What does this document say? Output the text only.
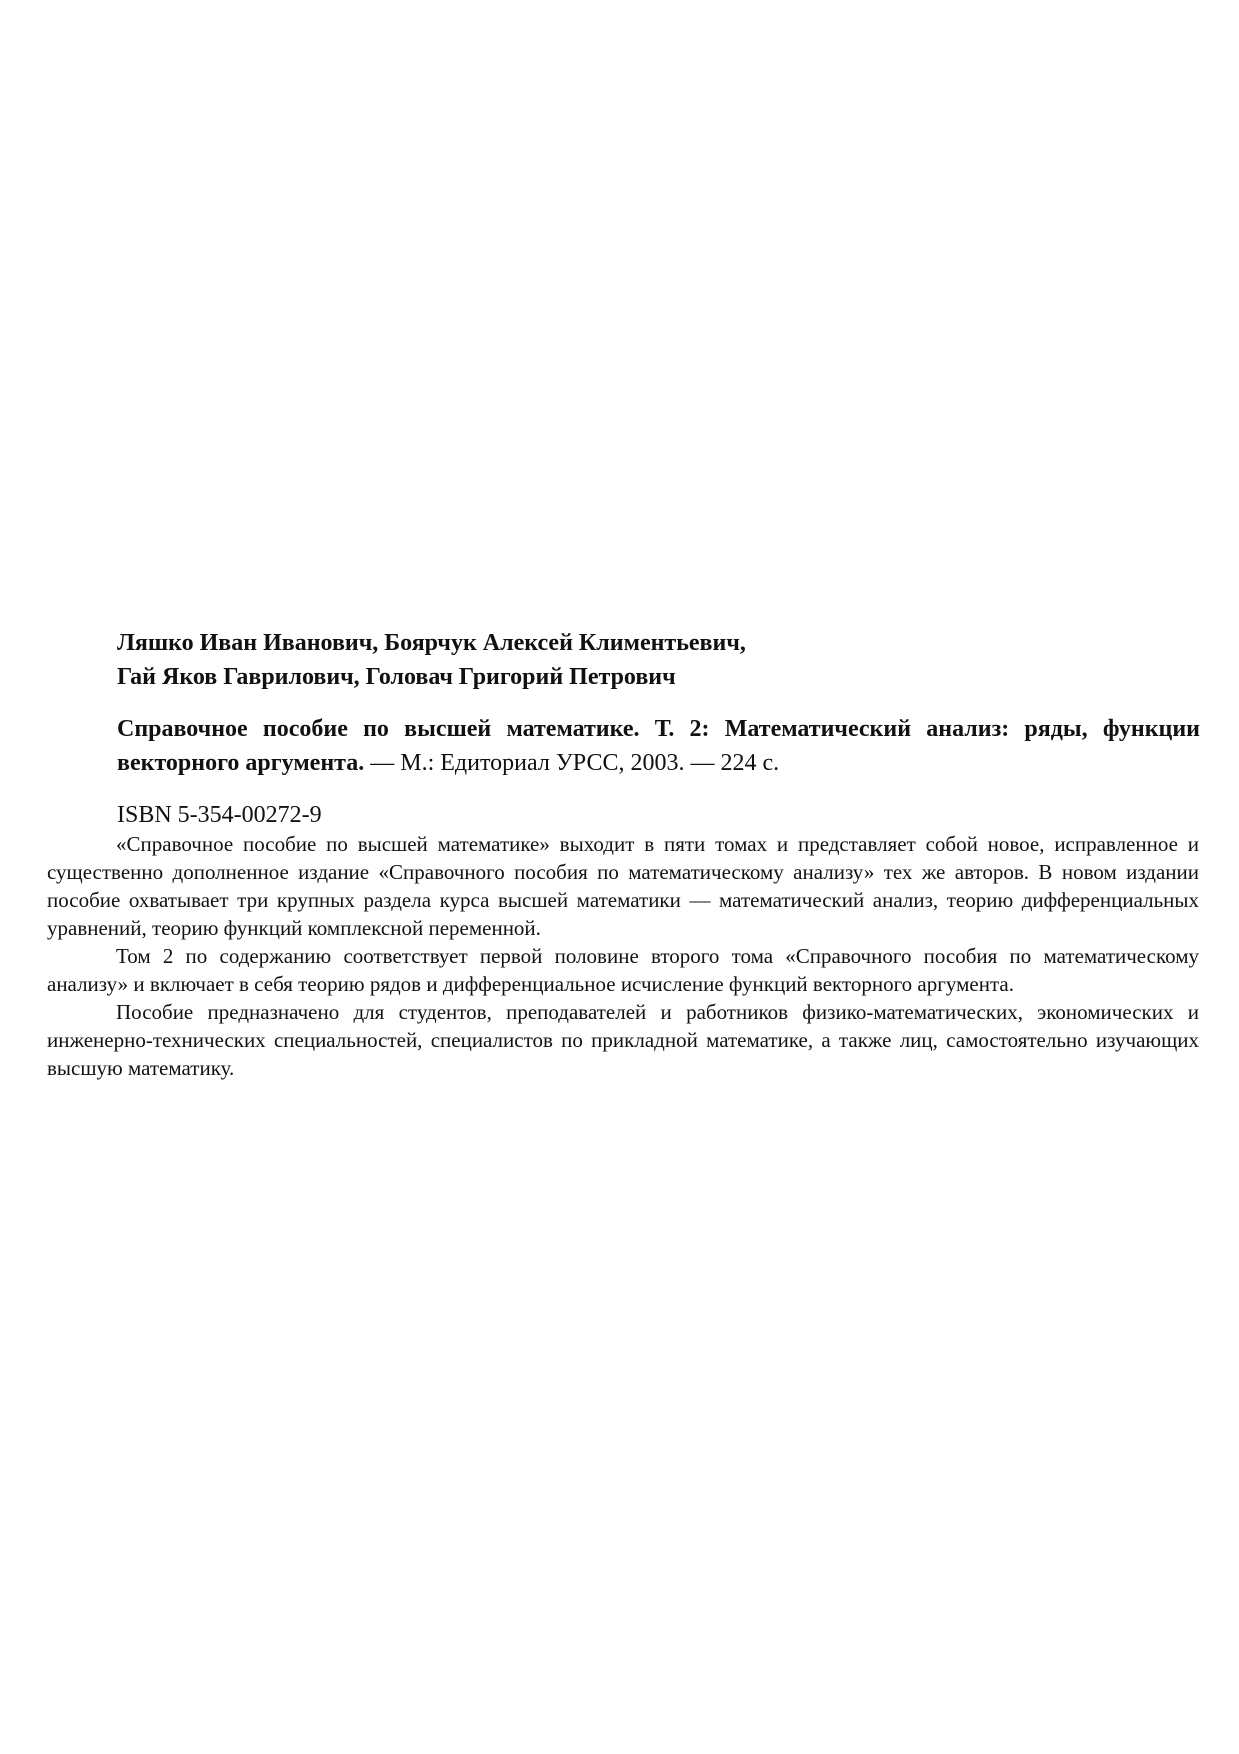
Ляшко Иван Иванович, Боярчук Алексей Климентьевич,
Гай Яков Гаврилович, Головач Григорий Петрович

Справочное пособие по высшей математике. Т. 2: Математический анализ: ряды, функции векторного аргумента. — М.: Едиториал УРСС, 2003. — 224 с.

ISBN 5-354-00272-9

«Справочное пособие по высшей математике» выходит в пяти томах и представляет собой новое, исправленное и существенно дополненное издание «Справочного пособия по математическому анализу» тех же авторов. В новом издании пособие охватывает три крупных раздела курса высшей математики — математический анализ, теорию дифференциальных уравнений, теорию функций комплексной переменной.

Том 2 по содержанию соответствует первой половине второго тома «Справочного пособия по математическому анализу» и включает в себя теорию рядов и дифференциальное исчисление функций векторного аргумента.

Пособие предназначено для студентов, преподавателей и работников физико-математических, экономических и инженерно-технических специальностей, специалистов по прикладной математике, а также лиц, самостоятельно изучающих высшую математику.
